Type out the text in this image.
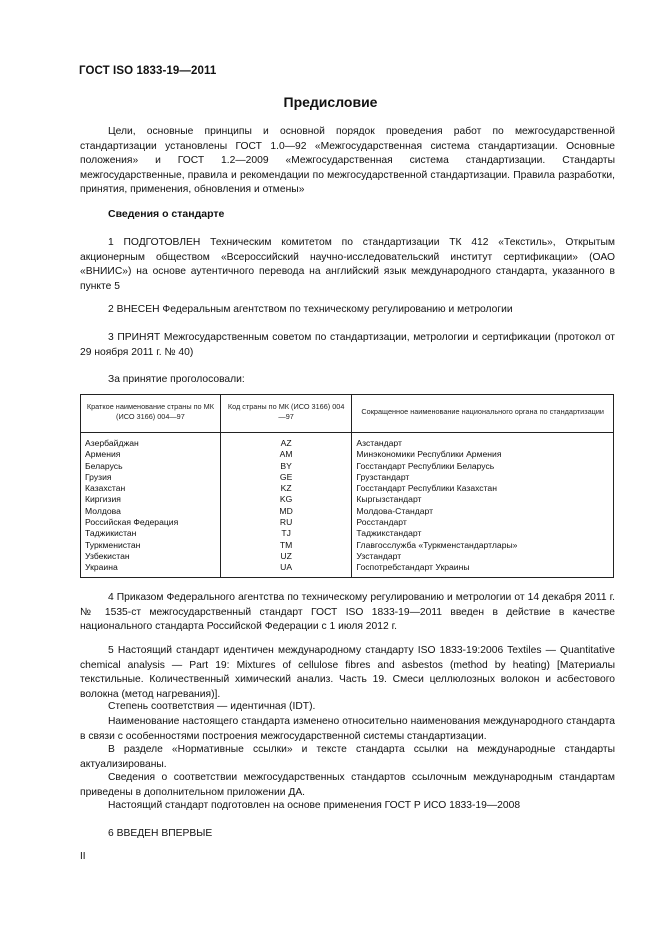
ГОСТ ISO 1833-19—2011
Предисловие
Цели, основные принципы и основной порядок проведения работ по межгосударственной стандартизации установлены ГОСТ 1.0—92 «Межгосударственная система стандартизации. Основные положения» и ГОСТ 1.2—2009 «Межгосударственная система стандартизации. Стандарты межгосударственные, правила и рекомендации по межгосударственной стандартизации. Правила разработки, принятия, применения, обновления и отмены»
Сведения о стандарте
1 ПОДГОТОВЛЕН Техническим комитетом по стандартизации ТК 412 «Текстиль», Открытым акционерным обществом «Всероссийский научно-исследовательский институт сертификации» (ОАО «ВНИИС») на основе аутентичного перевода на английский язык международного стандарта, указанного в пункте 5
2 ВНЕСЕН Федеральным агентством по техническому регулированию и метрологии
3 ПРИНЯТ Межгосударственным советом по стандартизации, метрологии и сертификации (протокол от 29 ноября 2011 г. № 40)
За принятие проголосовали:
Краткое наименование страны по МК (ИСО 3166) 004—97	Код страны по МК (ИСО 3166) 004—97	Сокращенное наименование национального органа по стандартизации
Азербайджан	AZ	Азстандарт
Армения	AM	Минэкономики Республики Армения
Беларусь	BY	Госстандарт Республики Беларусь
Грузия	GE	Грузстандарт
Казахстан	KZ	Госстандарт Республики Казахстан
Киргизия	KG	Кыргызстандарт
Молдова	MD	Молдова-Стандарт
Российская Федерация	RU	Росстандарт
Таджикистан	TJ	Таджикстандарт
Туркменистан	TM	Главгосслужба «Туркменстандартлары»
Узбекистан	UZ	Узстандарт
Украина	UA	Госпотребстандарт Украины
4 Приказом Федерального агентства по техническому регулированию и метрологии от 14 декабря 2011 г. № 1535-ст межгосударственный стандарт ГОСТ ISO 1833-19—2011 введен в действие в качестве национального стандарта Российской Федерации с 1 июля 2012 г.
5 Настоящий стандарт идентичен международному стандарту ISO 1833-19:2006 Textiles — Quantitative chemical analysis — Part 19: Mixtures of cellulose fibres and asbestos (method by heating) [Материалы текстильные. Количественный химический анализ. Часть 19. Смеси целлюлозных волокон и асбестового волокна (метод нагревания)].
Степень соответствия — идентичная (IDT).
Наименование настоящего стандарта изменено относительно наименования международного стандарта в связи с особенностями построения межгосударственной системы стандартизации.
В разделе «Нормативные ссылки» и тексте стандарта ссылки на международные стандарты актуализированы.
Сведения о соответствии межгосударственных стандартов ссылочным международным стандартам приведены в дополнительном приложении ДА.
Настоящий стандарт подготовлен на основе применения ГОСТ Р ИСО 1833-19—2008
6 ВВЕДЕН ВПЕРВЫЕ
II
